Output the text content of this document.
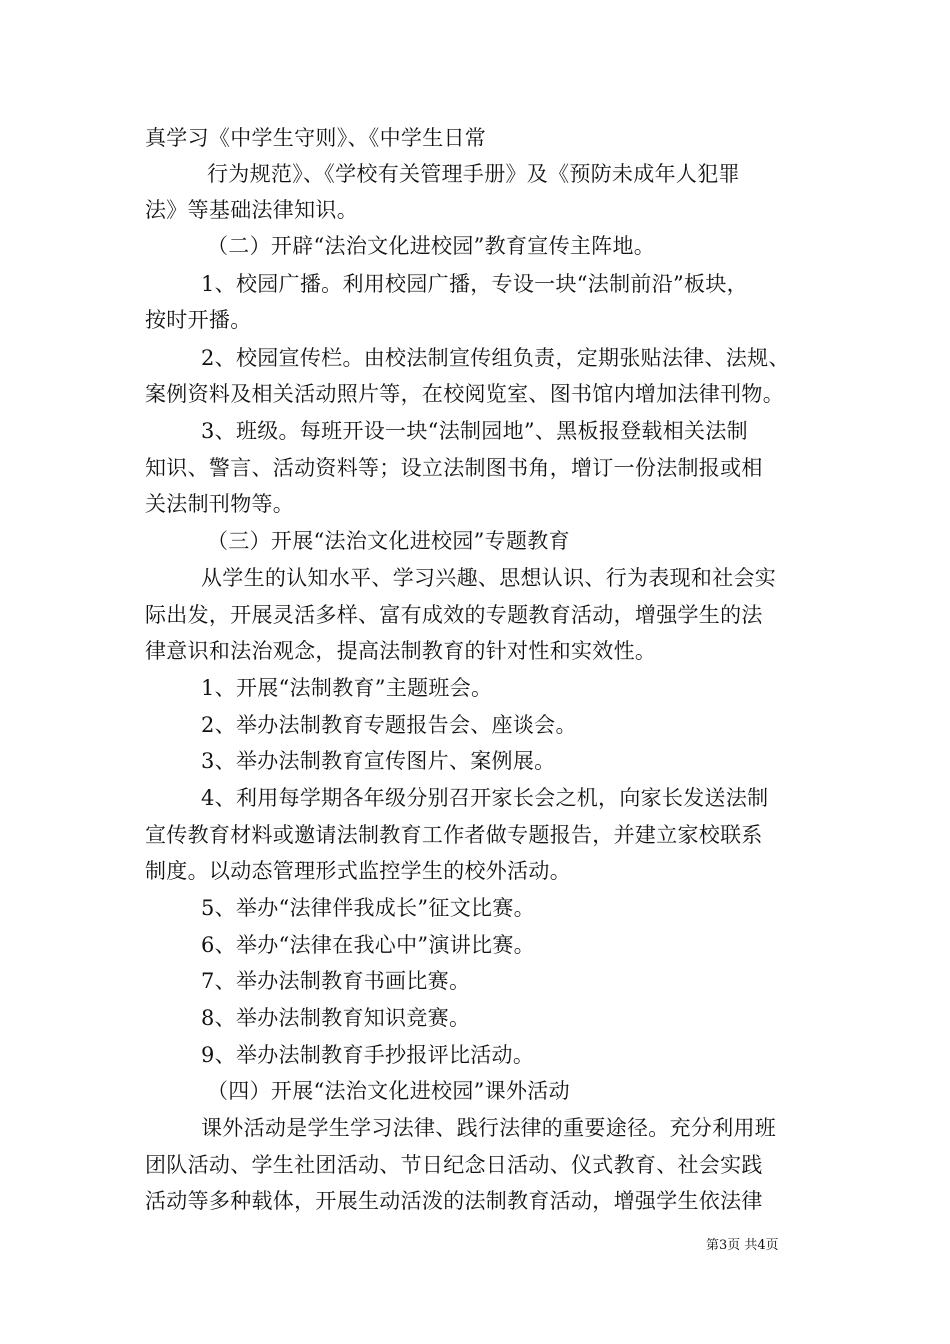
真学习《中学生守则》、《中学生日常
行为规范》、《学校有关管理手册》及《预防未成年人犯罪
法》等基础法律知识。
（二）开辟“法治文化进校园”教育宣传主阵地。
1、校园广播。利用校园广播，专设一块“法制前沿”板块，
按时开播。
2、校园宣传栏。由校法制宣传组负责，定期张贴法律、法规、
案例资料及相关活动照片等，在校阅览室、图书馆内增加法律刊物。
3、班级。每班开设一块“法制园地”、黑板报登载相关法制
知识、警言、活动资料等；设立法制图书角，增订一份法制报或相
关法制刊物等。
（三）开展“法治文化进校园”专题教育
从学生的认知水平、学习兴趣、思想认识、行为表现和社会实
际出发，开展灵活多样、富有成效的专题教育活动，增强学生的法
律意识和法治观念，提高法制教育的针对性和实效性。
1、开展“法制教育”主题班会。
2、举办法制教育专题报告会、座谈会。
3、举办法制教育宣传图片、案例展。
4、利用每学期各年级分别召开家长会之机，向家长发送法制
宣传教育材料或邀请法制教育工作者做专题报告，并建立家校联系
制度。以动态管理形式监控学生的校外活动。
5、举办“法律伴我成长”征文比赛。
6、举办“法律在我心中”演讲比赛。
7、举办法制教育书画比赛。
8、举办法制教育知识竞赛。
9、举办法制教育手抄报评比活动。
（四）开展“法治文化进校园”课外活动
课外活动是学生学习法律、践行法律的重要途径。充分利用班
团队活动、学生社团活动、节日纪念日活动、仪式教育、社会实践
活动等多种载体，开展生动活泼的法制教育活动，增强学生依法律
第3页 共4页
